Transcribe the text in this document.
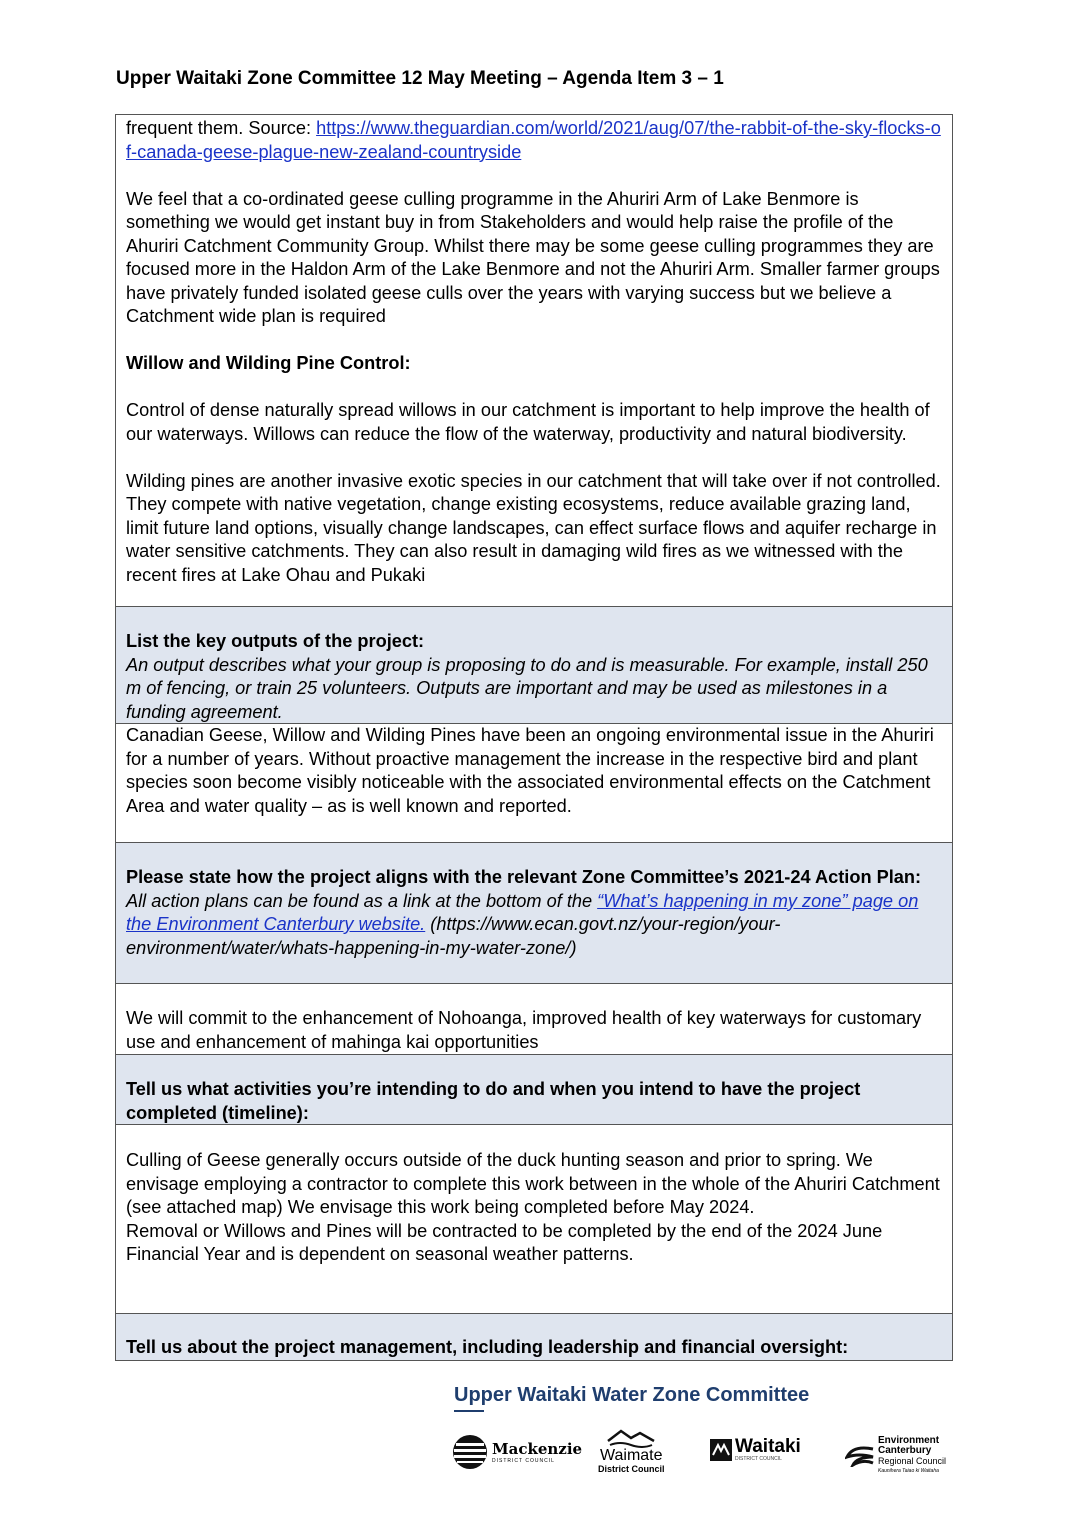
Upper Waitaki Zone Committee 12 May Meeting – Agenda Item 3 – 1

frequent them. Source: https://www.theguardian.com/world/2021/aug/07/the-rabbit-of-the-sky-flocks-of-canada-geese-plague-new-zealand-countryside

We feel that a co-ordinated geese culling programme in the Ahuriri Arm of Lake Benmore is something we would get instant buy in from Stakeholders and would help raise the profile of the Ahuriri Catchment Community Group. Whilst there may be some geese culling programmes they are focused more in the Haldon Arm of the Lake Benmore and not the Ahuriri Arm. Smaller farmer groups have privately funded isolated geese culls over the years with varying success but we believe a Catchment wide plan is required

Willow and Wilding Pine Control:

Control of dense naturally spread willows in our catchment is important to help improve the health of our waterways. Willows can reduce the flow of the waterway, productivity and natural biodiversity.

Wilding pines are another invasive exotic species in our catchment that will take over if not controlled. They compete with native vegetation, change existing ecosystems, reduce available grazing land, limit future land options, visually change landscapes, can effect surface flows and aquifer recharge in water sensitive catchments. They can also result in damaging wild fires as we witnessed with the recent fires at Lake Ohau and Pukaki

List the key outputs of the project:
An output describes what your group is proposing to do and is measurable. For example, install 250 m of fencing, or train 25 volunteers. Outputs are important and may be used as milestones in a funding agreement.
Canadian Geese, Willow and Wilding Pines have been an ongoing environmental issue in the Ahuriri for a number of years. Without proactive management the increase in the respective bird and plant species soon become visibly noticeable with the associated environmental effects on the Catchment Area and water quality – as is well known and reported.
Please state how the project aligns with the relevant Zone Committee’s 2021-24 Action Plan:
All action plans can be found as a link at the bottom of the “What’s happening in my zone” page on the Environment Canterbury website. (https://www.ecan.govt.nz/your-region/your-environment/water/whats-happening-in-my-water-zone/)
We will commit to the enhancement of Nohoanga, improved health of key waterways for customary use and enhancement of mahinga kai opportunities
Tell us what activities you’re intending to do and when you intend to have the project completed (timeline):
Culling of Geese generally occurs outside of the duck hunting season and prior to spring. We envisage employing a contractor to complete this work between in the whole of the Ahuriri Catchment (see attached map) We envisage this work being completed before May 2024.
Removal or Willows and Pines will be contracted to be completed by the end of the 2024 June Financial Year and is dependent on seasonal weather patterns.
Tell us about the project management, including leadership and financial oversight:
Upper Waitaki Water Zone Committee
Mackenzie
DISTRICT COUNCIL	Waimate
District Council
Waitaki
DISTRICT COUNCIL
Environment
Canterbury
Regional Council
Kaunihera Taiao ki Waitaha
